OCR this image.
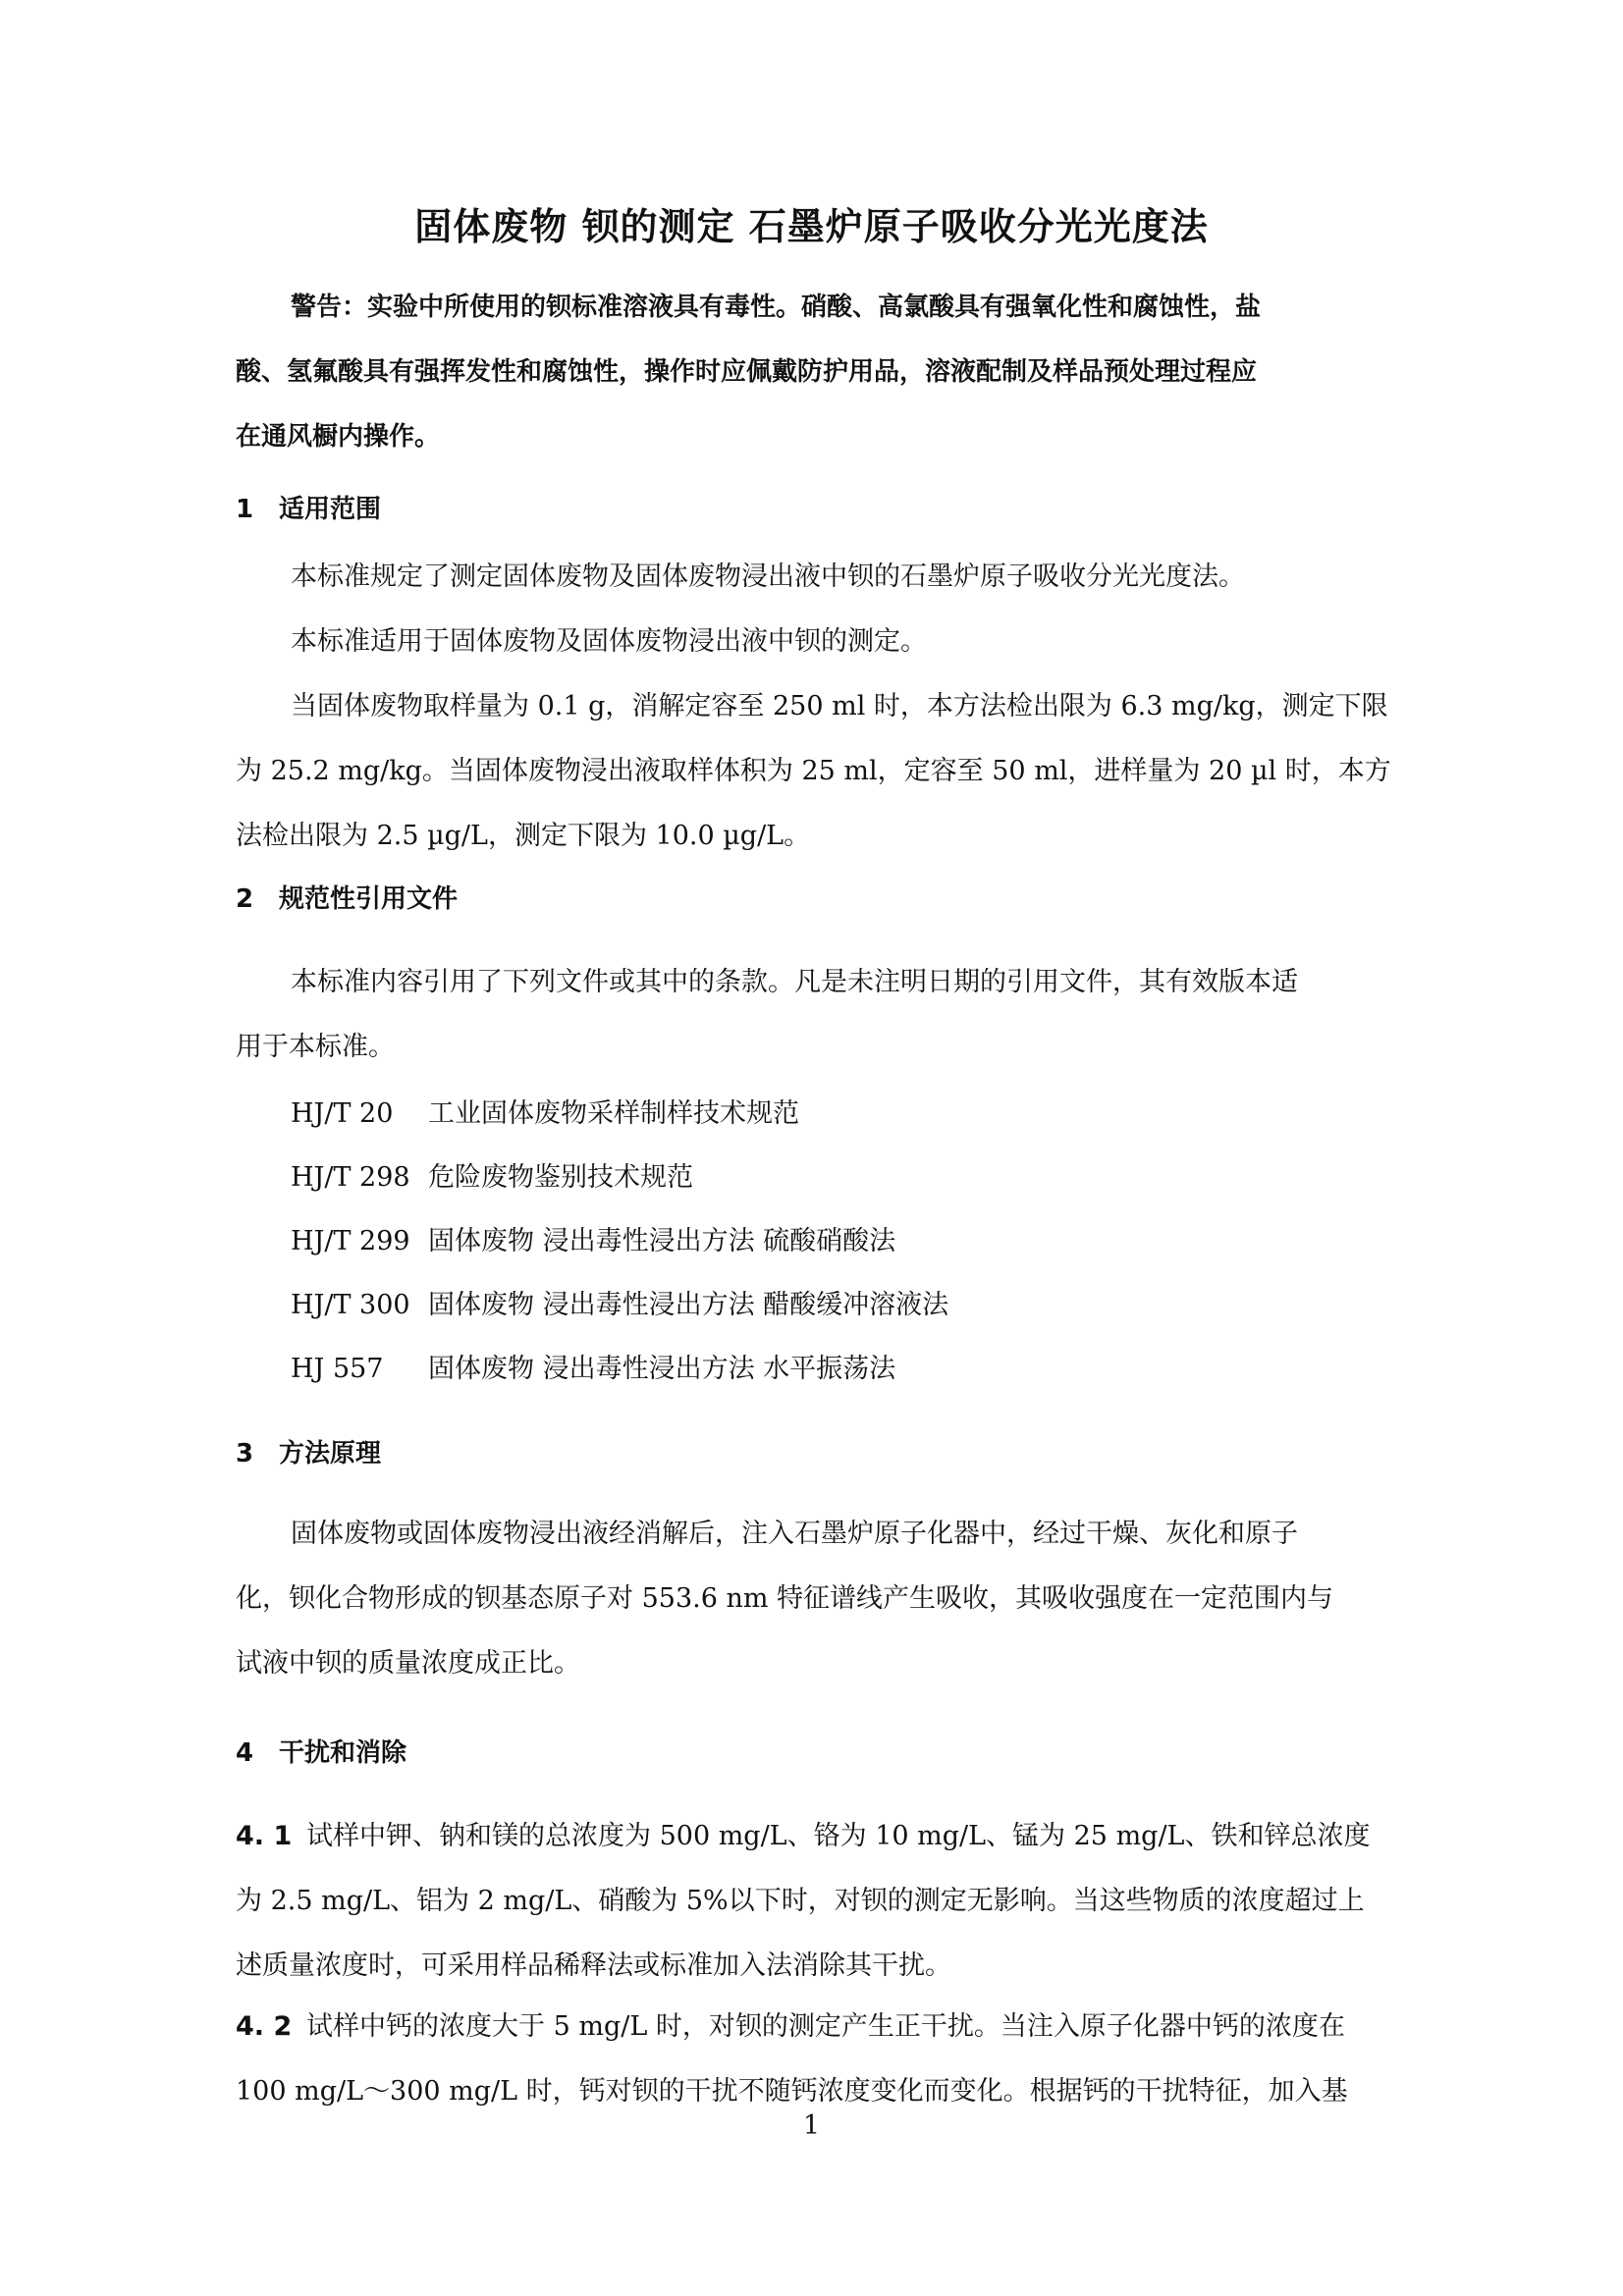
固体废物 钡的测定 石墨炉原子吸收分光光度法
警告：实验中所使用的钡标准溶液具有毒性。硝酸、高氯酸具有强氧化性和腐蚀性，盐
酸、氢氟酸具有强挥发性和腐蚀性，操作时应佩戴防护用品，溶液配制及样品预处理过程应
在通风橱内操作。
1 适用范围
本标准规定了测定固体废物及固体废物浸出液中钡的石墨炉原子吸收分光光度法。
本标准适用于固体废物及固体废物浸出液中钡的测定。
当固体废物取样量为 0.1 g，消解定容至 250 ml 时，本方法检出限为 6.3 mg/kg，测定下限
为 25.2 mg/kg。当固体废物浸出液取样体积为 25 ml，定容至 50 ml，进样量为 20 µl 时，本方
法检出限为 2.5 µg/L，测定下限为 10.0 µg/L。
2 规范性引用文件
本标准内容引用了下列文件或其中的条款。凡是未注明日期的引用文件，其有效版本适
用于本标准。
HJ/T 20 工业固体废物采样制样技术规范
HJ/T 298 危险废物鉴别技术规范
HJ/T 299 固体废物 浸出毒性浸出方法 硫酸硝酸法
HJ/T 300 固体废物 浸出毒性浸出方法 醋酸缓冲溶液法
HJ 557 固体废物 浸出毒性浸出方法 水平振荡法
3 方法原理
固体废物或固体废物浸出液经消解后，注入石墨炉原子化器中，经过干燥、灰化和原子
化，钡化合物形成的钡基态原子对 553.6 nm 特征谱线产生吸收，其吸收强度在一定范围内与
试液中钡的质量浓度成正比。
4 干扰和消除
4. 1 试样中钾、钠和镁的总浓度为 500 mg/L、铬为 10 mg/L、锰为 25 mg/L、铁和锌总浓度
为 2.5 mg/L、铝为 2 mg/L、硝酸为 5%以下时，对钡的测定无影响。当这些物质的浓度超过上
述质量浓度时，可采用样品稀释法或标准加入法消除其干扰。
4. 2 试样中钙的浓度大于 5 mg/L 时，对钡的测定产生正干扰。当注入原子化器中钙的浓度在
100 mg/L～300 mg/L 时，钙对钡的干扰不随钙浓度变化而变化。根据钙的干扰特征，加入基
1
